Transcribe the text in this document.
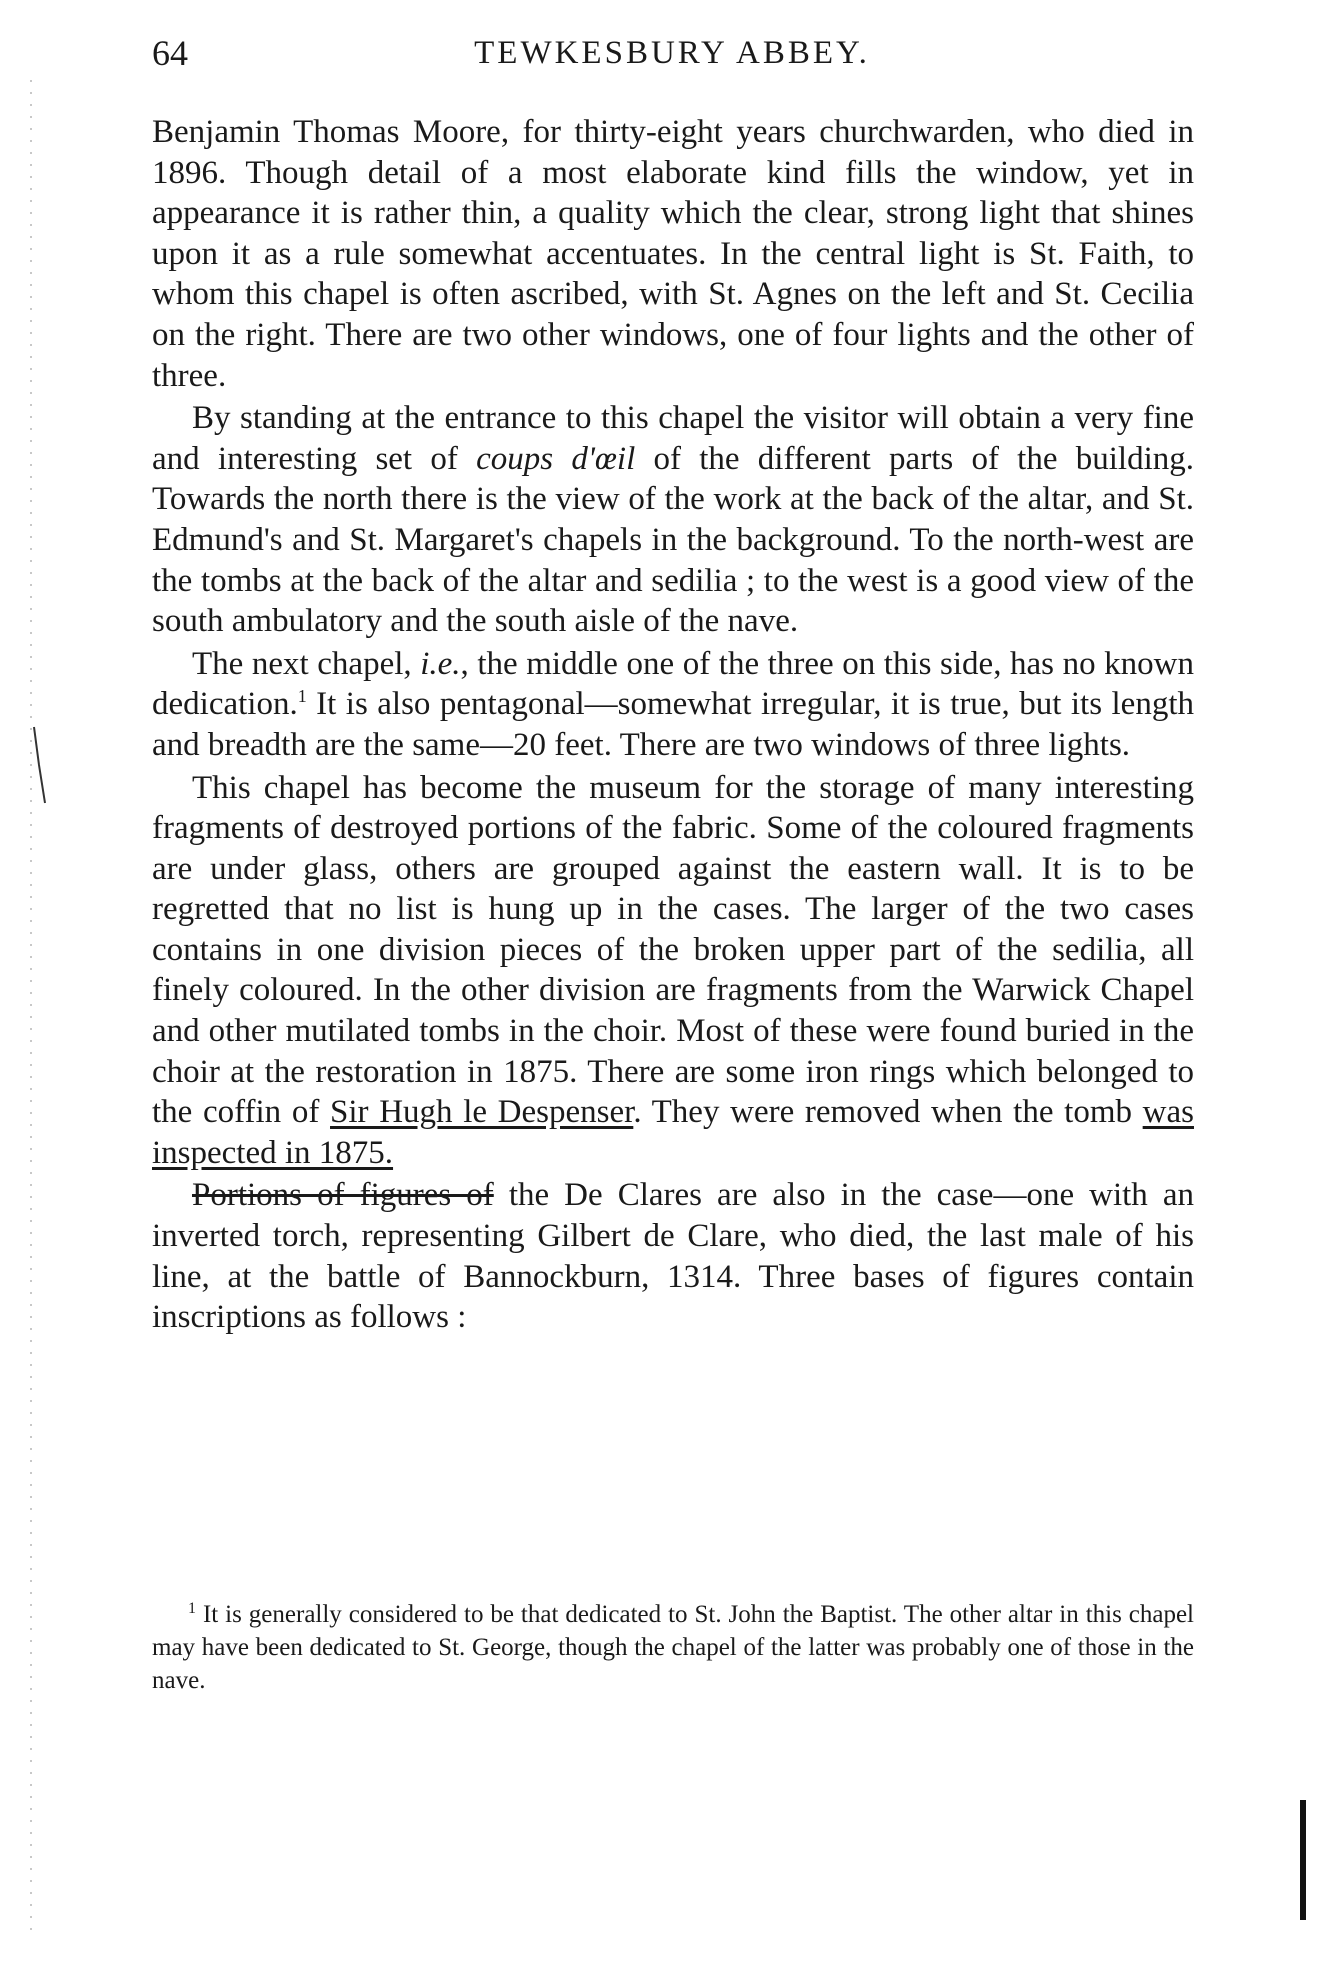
64	TEWKESBURY ABBEY.

Benjamin Thomas Moore, for thirty-eight years churchwarden, who died in 1896. Though detail of a most elaborate kind fills the window, yet in appearance it is rather thin, a quality which the clear, strong light that shines upon it as a rule somewhat accentuates. In the central light is St. Faith, to whom this chapel is often ascribed, with St. Agnes on the left and St. Cecilia on the right. There are two other windows, one of four lights and the other of three.

By standing at the entrance to this chapel the visitor will obtain a very fine and interesting set of coups d'œil of the different parts of the building. Towards the north there is the view of the work at the back of the altar, and St. Edmund's and St. Margaret's chapels in the background. To the north-west are the tombs at the back of the altar and sedilia ; to the west is a good view of the south ambulatory and the south aisle of the nave.

The next chapel, i.e., the middle one of the three on this side, has no known dedication.$^1$ It is also pentagonal—somewhat irregular, it is true, but its length and breadth are the same—20 feet. There are two windows of three lights.

This chapel has become the museum for the storage of many interesting fragments of destroyed portions of the fabric. Some of the coloured fragments are under glass, others are grouped against the eastern wall. It is to be regretted that no list is hung up in the cases. The larger of the two cases contains in one division pieces of the broken upper part of the sedilia, all finely coloured. In the other division are fragments from the Warwick Chapel and other mutilated tombs in the choir. Most of these were found buried in the choir at the restoration in 1875. There are some iron rings which belonged to the coffin of Sir Hugh le Despenser. They were removed when the tomb was inspected in 1875.

Portions of figures of the De Clares are also in the case—one with an inverted torch, representing Gilbert de Clare, who died, the last male of his line, at the battle of Bannockburn, 1314. Three bases of figures contain inscriptions as follows :

$^1$ It is generally considered to be that dedicated to St. John the Baptist. The other altar in this chapel may have been dedicated to St. George, though the chapel of the latter was probably one of those in the nave.
